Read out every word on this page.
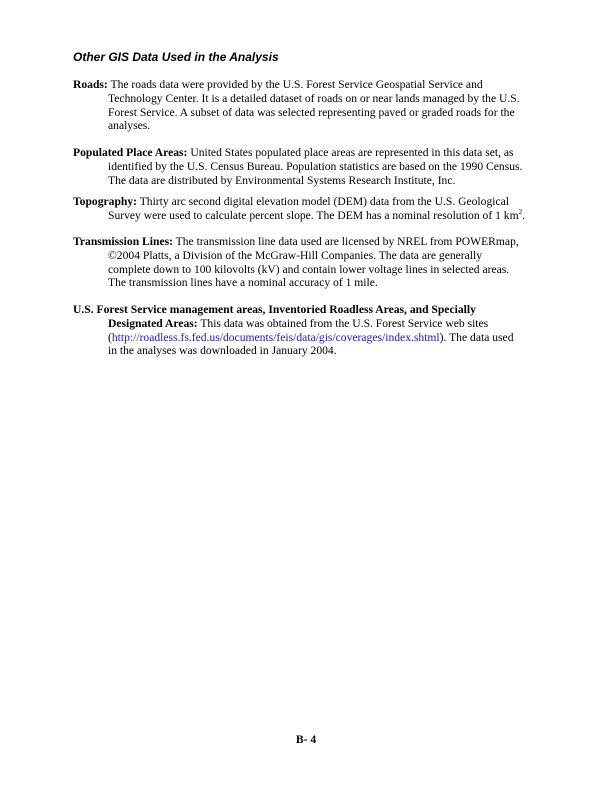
Other GIS Data Used in the Analysis
Roads: The roads data were provided by the U.S. Forest Service Geospatial Service and
Technology Center. It is a detailed dataset of roads on or near lands managed by the U.S.
Forest Service. A subset of data was selected representing paved or graded roads for the
analyses.
Populated Place Areas: United States populated place areas are represented in this data set, as
identified by the U.S. Census Bureau. Population statistics are based on the 1990 Census.
The data are distributed by Environmental Systems Research Institute, Inc.
Topography: Thirty arc second digital elevation model (DEM) data from the U.S. Geological
Survey were used to calculate percent slope. The DEM has a nominal resolution of 1 $km^2$.
Transmission Lines: The transmission line data used are licensed by NREL from POWERmap,
©2004 Platts, a Division of the McGraw-Hill Companies. The data are generally
complete down to 100 kilovolts (kV) and contain lower voltage lines in selected areas.
The transmission lines have a nominal accuracy of 1 mile.
U.S. Forest Service management areas, Inventoried Roadless Areas, and Specially
Designated Areas: This data was obtained from the U.S. Forest Service web sites
(http://roadless.fs.fed.us/documents/feis/data/gis/coverages/index.shtml). The data used
in the analyses was downloaded in January 2004.
B- 4
